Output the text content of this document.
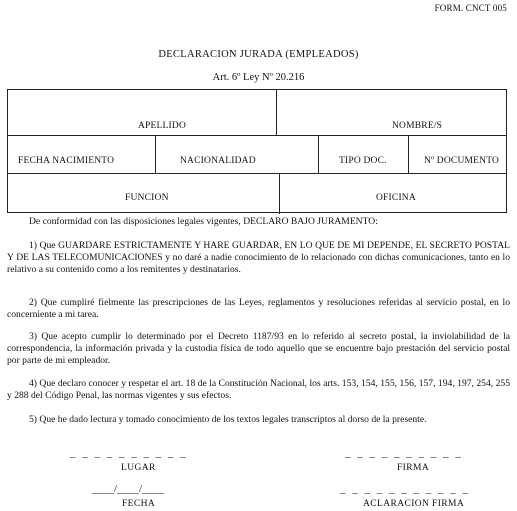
FORM. CNCT 005
DECLARACION JURADA (EMPLEADOS)
Art. 6º Ley Nº 20.216
APELLIDO	NOMBRE/S
FECHA NACIMIENTO	NACIONALIDAD	TIPO DOC.	Nº DOCUMENTO
FUNCION	OFICINA
De conformidad con las disposiciones legales vigentes, DECLARO BAJO JURAMENTO:
1) Que GUARDARE ESTRICTAMENTE Y HARE GUARDAR, EN LO QUE DE MI DEPENDE, EL SECRETO POSTAL Y DE LAS TELECOMUNICACIONES y no daré a nadie conocimiento de lo relacionado con dichas comunicaciones, tanto en lo relativo a su contenido como a los remitentes y destinatarios.
2) Que cumpliré fielmente las prescripciones de las Leyes, reglamentos y resoluciones referidas al servicio postal, en lo concerniente a mi tarea.
3) Que acepto cumplir lo determinado por el Decreto 1187/93 en lo referido al secreto postal, la inviolabilidad de la correspondencia, la información privada y la custodia física de todo aquello que se encuentre bajo prestación del servicio postal por parte de mi empleador.
4) Que declaro conocer y respetar el art. 18 de la Constitución Nacional, los arts. 153, 154, 155, 156, 157, 194, 197, 254, 255 y 288 del Código Penal, las normas vigentes y sus efectos.
5) Que he dado lectura y tomado conocimiento de los textos legales transcriptos al dorso de la presente.
_ _ _ _ _ _ _ _ _ _
LUGAR
_ _ _ _ _ _ _ _ _ _
FIRMA
____/____/____
FECHA
_ _ _ _ _ _ _ _ _ _ _
ACLARACION FIRMA
